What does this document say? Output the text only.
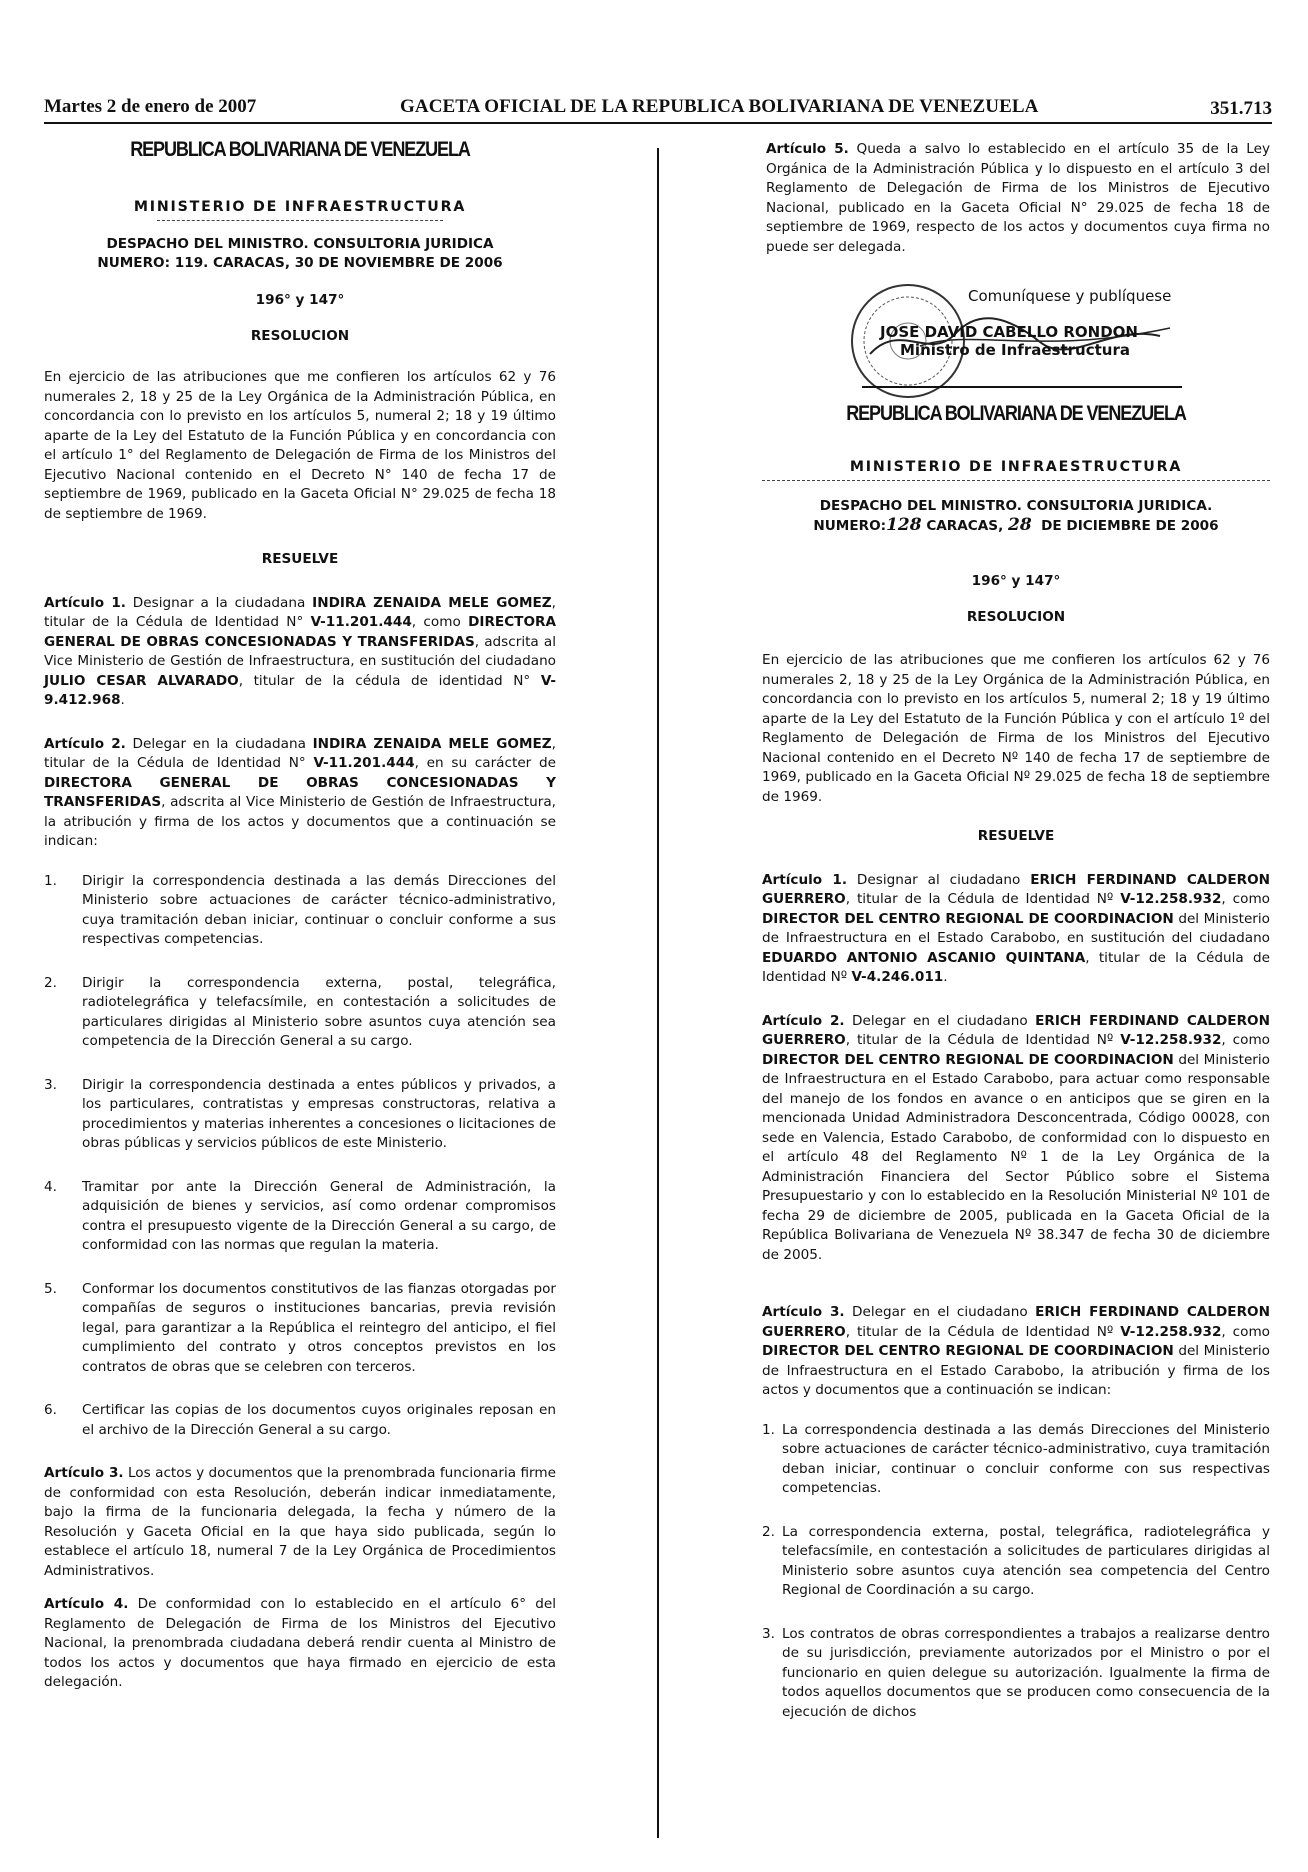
Martes 2 de enero de 2007	GACETA OFICIAL DE LA REPUBLICA BOLIVARIANA DE VENEZUELA	351.713
REPUBLICA BOLIVARIANA DE VENEZUELA
MINISTERIO DE INFRAESTRUCTURA
DESPACHO DEL MINISTRO. CONSULTORIA JURIDICA
NUMERO: 119. CARACAS, 30 DE NOVIEMBRE DE 2006
196° y 147°
RESOLUCION

En ejercicio de las atribuciones que me confieren los artículos 62 y 76 numerales 2, 18 y 25 de la Ley Orgánica de la Administración Pública, en concordancia con lo previsto en los artículos 5, numeral 2; 18 y 19 último aparte de la Ley del Estatuto de la Función Pública y en concordancia con el artículo 1° del Reglamento de Delegación de Firma de los Ministros del Ejecutivo Nacional contenido en el Decreto N° 140 de fecha 17 de septiembre de 1969, publicado en la Gaceta Oficial N° 29.025 de fecha 18 de septiembre de 1969.

RESUELVE

Artículo 1. Designar a la ciudadana INDIRA ZENAIDA MELE GOMEZ, titular de la Cédula de Identidad N° V-11.201.444, como DIRECTORA GENERAL DE OBRAS CONCESIONADAS Y TRANSFERIDAS, adscrita al Vice Ministerio de Gestión de Infraestructura, en sustitución del ciudadano JULIO CESAR ALVARADO, titular de la cédula de identidad N° V-9.412.968.

Artículo 2. Delegar en la ciudadana INDIRA ZENAIDA MELE GOMEZ, titular de la Cédula de Identidad N° V-11.201.444, en su carácter de DIRECTORA GENERAL DE OBRAS CONCESIONADAS Y TRANSFERIDAS, adscrita al Vice Ministerio de Gestión de Infraestructura, la atribución y firma de los actos y documentos que a continuación se indican:

1. Dirigir la correspondencia destinada a las demás Direcciones del Ministerio sobre actuaciones de carácter técnico-administrativo, cuya tramitación deban iniciar, continuar o concluir conforme a sus respectivas competencias.
2. Dirigir la correspondencia externa, postal, telegráfica, radiotelegráfica y telefacsímile, en contestación a solicitudes de particulares dirigidas al Ministerio sobre asuntos cuya atención sea competencia de la Dirección General a su cargo.
3. Dirigir la correspondencia destinada a entes públicos y privados, a los particulares, contratistas y empresas constructoras, relativa a procedimientos y materias inherentes a concesiones o licitaciones de obras públicas y servicios públicos de este Ministerio.
4. Tramitar por ante la Dirección General de Administración, la adquisición de bienes y servicios, así como ordenar compromisos contra el presupuesto vigente de la Dirección General a su cargo, de conformidad con las normas que regulan la materia.
5. Conformar los documentos constitutivos de las fianzas otorgadas por compañías de seguros o instituciones bancarias, previa revisión legal, para garantizar a la República el reintegro del anticipo, el fiel cumplimiento del contrato y otros conceptos previstos en los contratos de obras que se celebren con terceros.
6. Certificar las copias de los documentos cuyos originales reposan en el archivo de la Dirección General a su cargo.

Artículo 3. Los actos y documentos que la prenombrada funcionaria firme de conformidad con esta Resolución, deberán indicar inmediatamente, bajo la firma de la funcionaria delegada, la fecha y número de la Resolución y Gaceta Oficial en la que haya sido publicada, según lo establece el artículo 18, numeral 7 de la Ley Orgánica de Procedimientos Administrativos.

Artículo 4. De conformidad con lo establecido en el artículo 6° del Reglamento de Delegación de Firma de los Ministros del Ejecutivo Nacional, la prenombrada ciudadana deberá rendir cuenta al Ministro de todos los actos y documentos que haya firmado en ejercicio de esta delegación.

Artículo 5. Queda a salvo lo establecido en el artículo 35 de la Ley Orgánica de la Administración Pública y lo dispuesto en el artículo 3 del Reglamento de Delegación de Firma de los Ministros de Ejecutivo Nacional, publicado en la Gaceta Oficial N° 29.025 de fecha 18 de septiembre de 1969, respecto de los actos y documentos cuya firma no puede ser delegada.

Comuníquese y publíquese
JOSE DAVID CABELLO RONDON
Ministro de Infraestructura
REPUBLICA BOLIVARIANA DE VENEZUELA
MINISTERIO DE INFRAESTRUCTURA
DESPACHO DEL MINISTRO. CONSULTORIA JURIDICA.
NUMERO:128 CARACAS, 28 DE DICIEMBRE DE 2006
196° y 147°
RESOLUCION

En ejercicio de las atribuciones que me confieren los artículos 62 y 76 numerales 2, 18 y 25 de la Ley Orgánica de la Administración Pública, en concordancia con lo previsto en los artículos 5, numeral 2; 18 y 19 último aparte de la Ley del Estatuto de la Función Pública y con el artículo 1º del Reglamento de Delegación de Firma de los Ministros del Ejecutivo Nacional contenido en el Decreto Nº 140 de fecha 17 de septiembre de 1969, publicado en la Gaceta Oficial Nº 29.025 de fecha 18 de septiembre de 1969.

RESUELVE

Artículo 1. Designar al ciudadano ERICH FERDINAND CALDERON GUERRERO, titular de la Cédula de Identidad Nº V-12.258.932, como DIRECTOR DEL CENTRO REGIONAL DE COORDINACION del Ministerio de Infraestructura en el Estado Carabobo, en sustitución del ciudadano EDUARDO ANTONIO ASCANIO QUINTANA, titular de la Cédula de Identidad Nº V-4.246.011.

Artículo 2. Delegar en el ciudadano ERICH FERDINAND CALDERON GUERRERO, titular de la Cédula de Identidad Nº V-12.258.932, como DIRECTOR DEL CENTRO REGIONAL DE COORDINACION del Ministerio de Infraestructura en el Estado Carabobo, para actuar como responsable del manejo de los fondos en avance o en anticipos que se giren en la mencionada Unidad Administradora Desconcentrada, Código 00028, con sede en Valencia, Estado Carabobo, de conformidad con lo dispuesto en el artículo 48 del Reglamento Nº 1 de la Ley Orgánica de la Administración Financiera del Sector Público sobre el Sistema Presupuestario y con lo establecido en la Resolución Ministerial Nº 101 de fecha 29 de diciembre de 2005, publicada en la Gaceta Oficial de la República Bolivariana de Venezuela Nº 38.347 de fecha 30 de diciembre de 2005.

Artículo 3. Delegar en el ciudadano ERICH FERDINAND CALDERON GUERRERO, titular de la Cédula de Identidad Nº V-12.258.932, como DIRECTOR DEL CENTRO REGIONAL DE COORDINACION del Ministerio de Infraestructura en el Estado Carabobo, la atribución y firma de los actos y documentos que a continuación se indican:

1. La correspondencia destinada a las demás Direcciones del Ministerio sobre actuaciones de carácter técnico-administrativo, cuya tramitación deban iniciar, continuar o concluir conforme con sus respectivas competencias.
2. La correspondencia externa, postal, telegráfica, radiotelegráfica y telefacsímile, en contestación a solicitudes de particulares dirigidas al Ministerio sobre asuntos cuya atención sea competencia del Centro Regional de Coordinación a su cargo.
3. Los contratos de obras correspondientes a trabajos a realizarse dentro de su jurisdicción, previamente autorizados por el Ministro o por el funcionario en quien delegue su autorización. Igualmente la firma de todos aquellos documentos que se producen como consecuencia de la ejecución de dichos
